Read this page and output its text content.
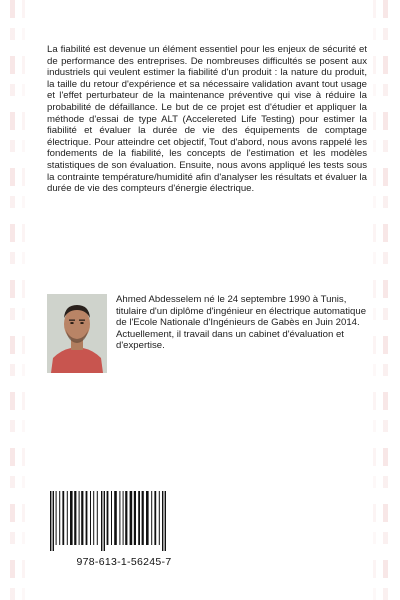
La fiabilité est devenue un élément essentiel pour les enjeux de sécurité et de performance des entreprises. De nombreuses difficultés se posent aux industriels qui veulent estimer la fiabilité d'un produit : la nature du produit, la taille du retour d'expérience et sa nécessaire validation avant tout usage et l'effet perturbateur de la maintenance préventive qui vise à réduire la probabilité de défaillance. Le but de ce projet est d'étudier et appliquer la méthode d'essai de type ALT (Accelereted Life Testing) pour estimer la fiabilité et évaluer la durée de vie des équipements de comptage électrique. Pour atteindre cet objectif, Tout d'abord, nous avons rappelé les fondements de la fiabilité, les concepts de l'estimation et les modèles statistiques de son évaluation. Ensuite, nous avons appliqué les tests sous la contrainte température/humidité afin d'analyser les résultats et évaluer la durée de vie des compteurs d'énergie électrique.

Ahmed Abdesselem né le 24 septembre 1990 à Tunis, titulaire d'un diplôme d'ingénieur en électrique automatique de l'Ecole Nationale d'Ingénieurs de Gabès en Juin 2014. Actuellement, il travail dans un cabinet d'évaluation et d'expertise.

978-613-1-56245-7
